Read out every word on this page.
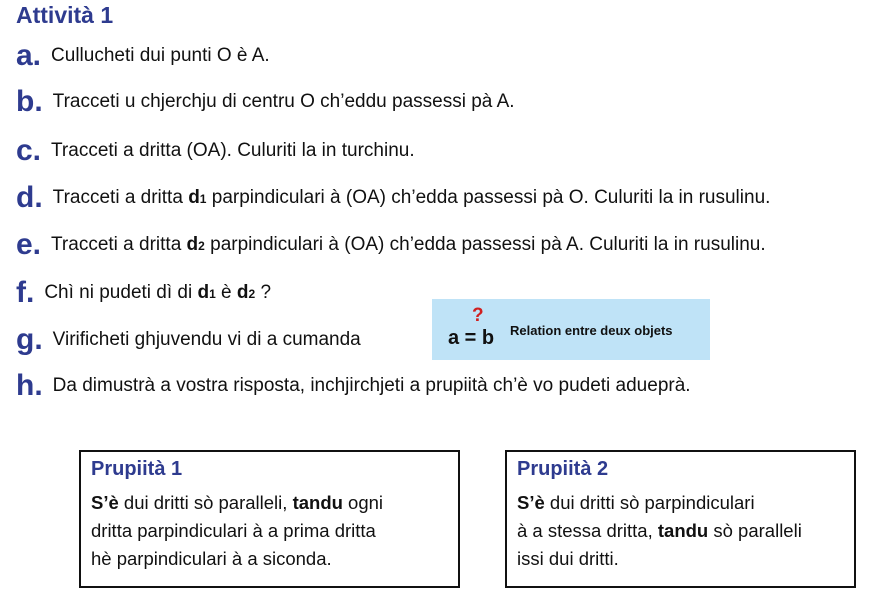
Attività 1
a. Cullucheti dui punti O è A.
b. Tracceti u chjerchju di centru O ch’eddu passessi pà A.
c. Tracceti a dritta (OA). Culuriti la in turchinu.
d. Tracceti a dritta d1 parpindiculari à (OA) ch’edda passessi pà O. Culuriti la in rusulinu.
e. Tracceti a dritta d2 parpindiculari à (OA) ch’edda passessi pà A. Culuriti la in rusulinu.
f. Chì ni pudeti dì di d1 è d2 ?
g. Virificheti ghjuvendu vi di a cumanda
?
a = b Relation entre deux objets
h. Da dimustrà a vostra risposta, inchjirchjeti a prupiità ch’è vo pudeti adueprà.
Prupiità 1
S’è dui dritti sò paralleli, tandu ogni
dritta parpindiculari à a prima dritta
hè parpindiculari à a siconda.
Prupiità 2
S’è dui dritti sò parpindiculari
à a stessa dritta, tandu sò paralleli
issi dui dritti.
